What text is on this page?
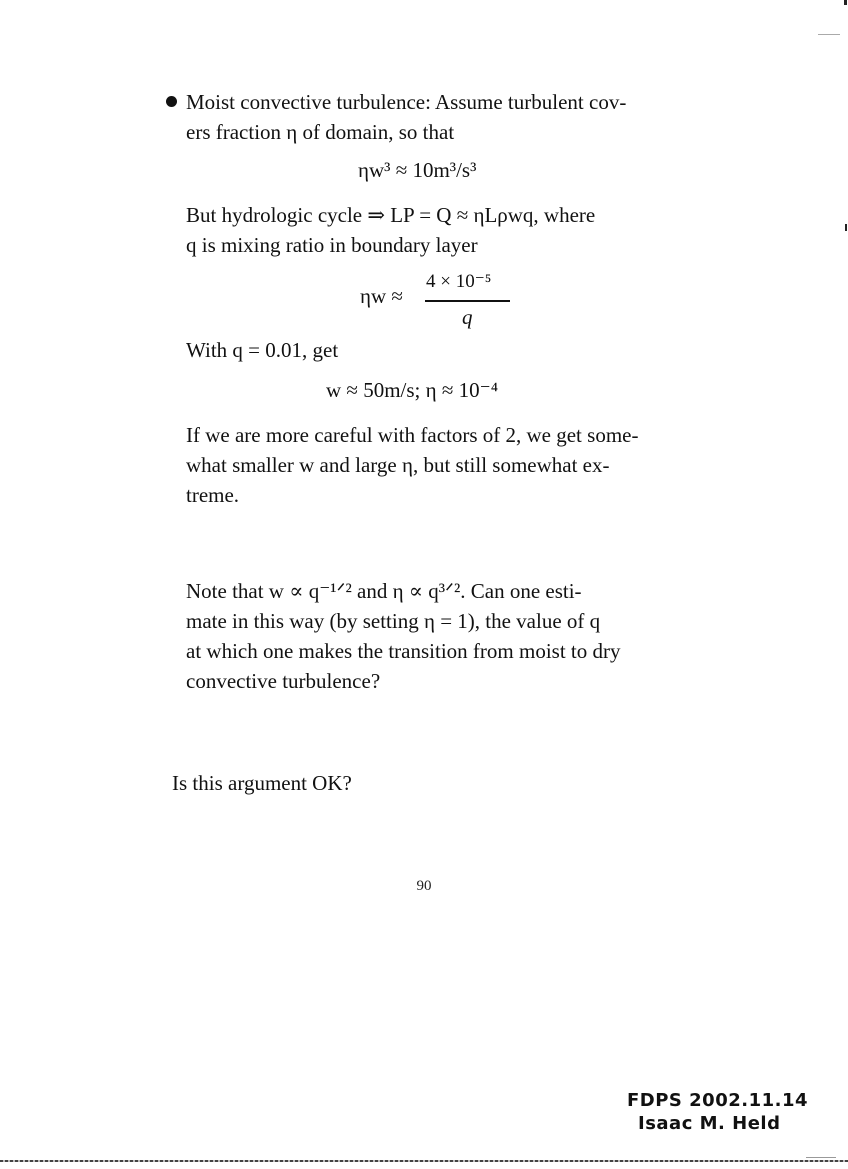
Moist convective turbulence: Assume turbulent cov-
ers fraction η of domain, so that
ηw³ ≈ 10m³/s³
But hydrologic cycle ⇒ LP = Q ≈ ηLρwq, where
q is mixing ratio in boundary layer
ηw ≈
4 × 10⁻⁵
q
With q = 0.01, get
w ≈ 50m/s; η ≈ 10⁻⁴
If we are more careful with factors of 2, we get some-
what smaller w and large η, but still somewhat ex-
treme.
Note that w ∝ q⁻¹ᐟ² and η ∝ q³ᐟ². Can one esti-
mate in this way (by setting η = 1), the value of q
at which one makes the transition from moist to dry
convective turbulence?
Is this argument OK?
90
FDPS 2002.11.14
Isaac M. Held
